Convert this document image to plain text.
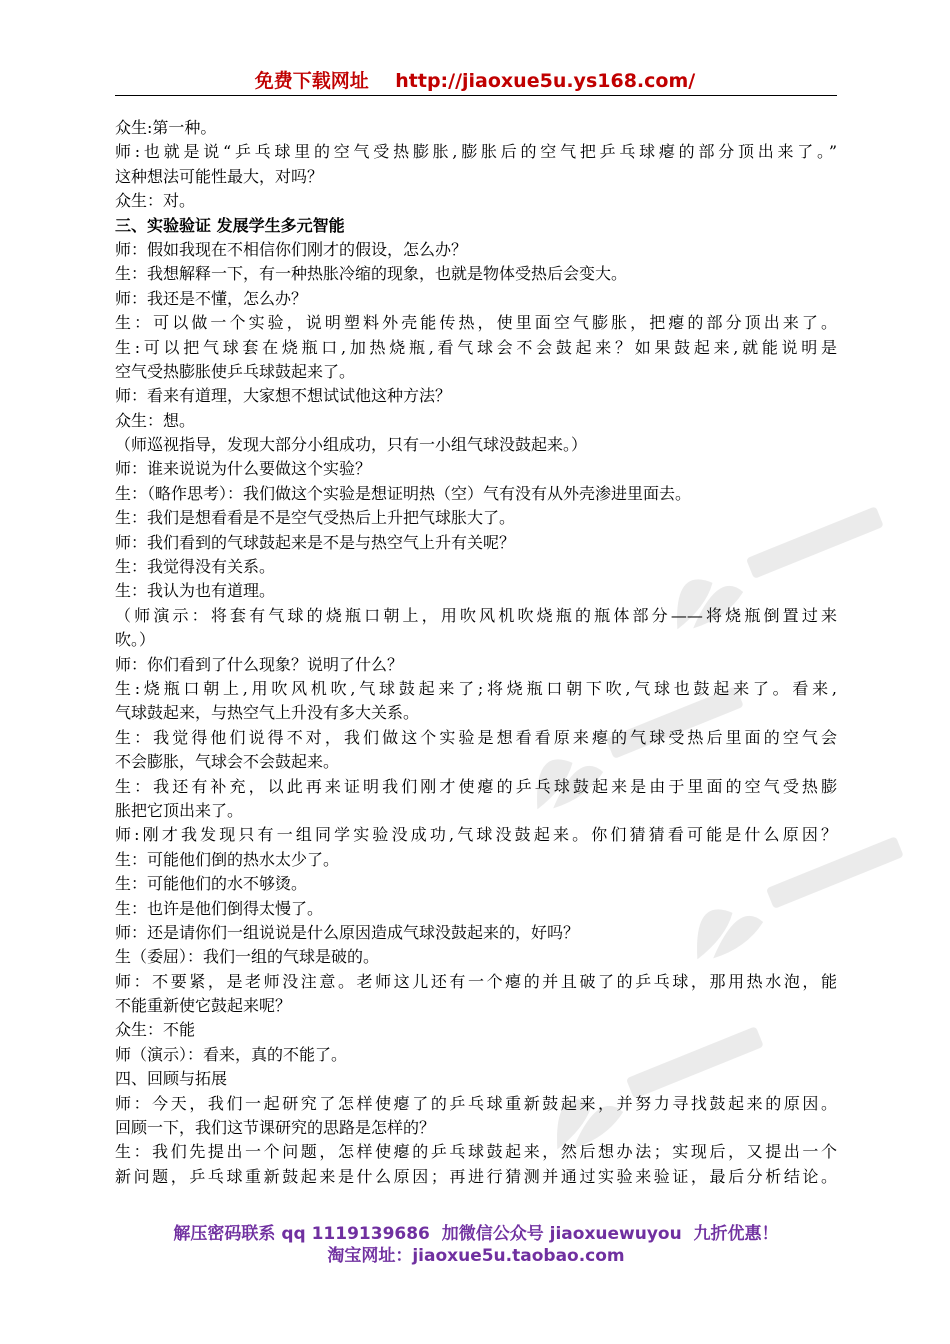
免费下载网址    http://jiaoxue5u.ys168.com/
众生:第一种。
师:也就是说“乒乓球里的空气受热膨胀,膨胀后的空气把乒乓球瘪的部分顶出来了。”
这种想法可能性最大，对吗？
众生：对。
三、实验验证 发展学生多元智能
师：假如我现在不相信你们刚才的假设，怎么办？
生：我想解释一下，有一种热胀冷缩的现象，也就是物体受热后会变大。
师：我还是不懂，怎么办？
生：可以做一个实验，说明塑料外壳能传热，使里面空气膨胀，把瘪的部分顶出来了。
生:可以把气球套在烧瓶口,加热烧瓶,看气球会不会鼓起来？如果鼓起来,就能说明是
空气受热膨胀使乒乓球鼓起来了。
师：看来有道理，大家想不想试试他这种方法？
众生：想。
（师巡视指导，发现大部分小组成功，只有一小组气球没鼓起来。）
师：谁来说说为什么要做这个实验？
生：（略作思考）：我们做这个实验是想证明热（空）气有没有从外壳渗进里面去。
生：我们是想看看是不是空气受热后上升把气球胀大了。
师：我们看到的气球鼓起来是不是与热空气上升有关呢？
生：我觉得没有关系。
生：我认为也有道理。
（师演示：将套有气球的烧瓶口朝上，用吹风机吹烧瓶的瓶体部分——将烧瓶倒置过来
吹。）
师：你们看到了什么现象？说明了什么？
生:烧瓶口朝上,用吹风机吹,气球鼓起来了;将烧瓶口朝下吹,气球也鼓起来了。看来,
气球鼓起来，与热空气上升没有多大关系。
生：我觉得他们说得不对，我们做这个实验是想看看原来瘪的气球受热后里面的空气会
不会膨胀，气球会不会鼓起来。
生：我还有补充，以此再来证明我们刚才使瘪的乒乓球鼓起来是由于里面的空气受热膨
胀把它顶出来了。
师:刚才我发现只有一组同学实验没成功,气球没鼓起来。你们猜猜看可能是什么原因？
生：可能他们倒的热水太少了。
生：可能他们的水不够烫。
生：也许是他们倒得太慢了。
师：还是请你们一组说说是什么原因造成气球没鼓起来的，好吗？
生（委屈）：我们一组的气球是破的。
师：不要紧，是老师没注意。老师这儿还有一个瘪的并且破了的乒乓球，那用热水泡，能
不能重新使它鼓起来呢？
众生：不能
师（演示）：看来，真的不能了。
四、回顾与拓展
师：今天，我们一起研究了怎样使瘪了的乒乓球重新鼓起来，并努力寻找鼓起来的原因。
回顾一下，我们这节课研究的思路是怎样的？
生：我们先提出一个问题，怎样使瘪的乒乓球鼓起来，然后想办法；实现后，又提出一个
新问题，乒乓球重新鼓起来是什么原因；再进行猜测并通过实验来验证，最后分析结论。
解压密码联系 qq 1119139686  加微信公众号 jiaoxuewuyou  九折优惠！
淘宝网址：jiaoxue5u.taobao.com
